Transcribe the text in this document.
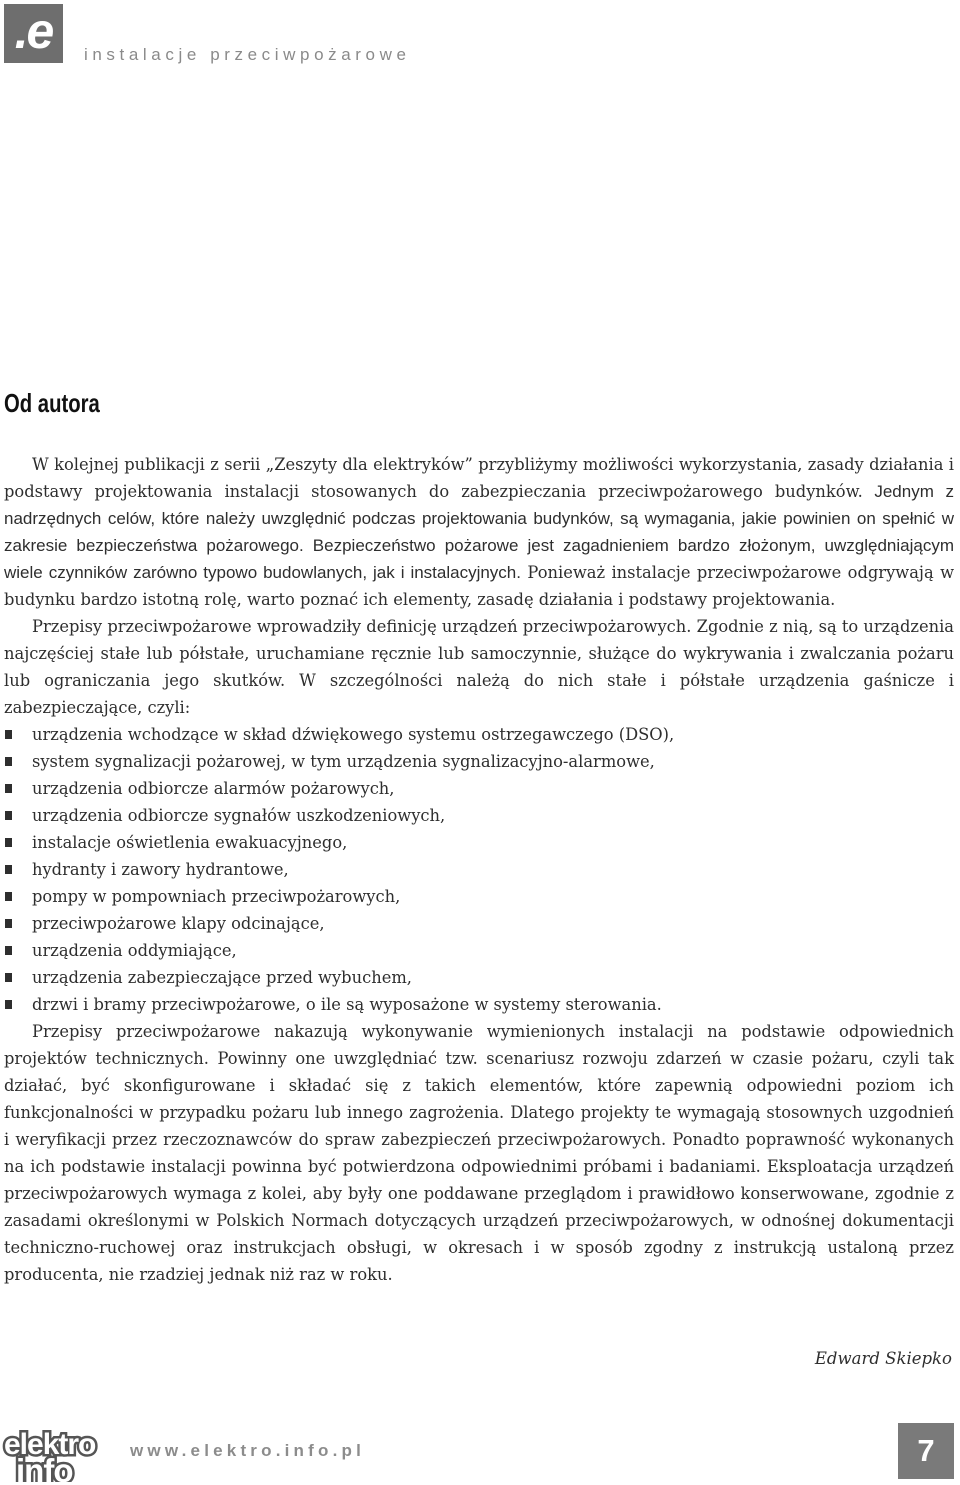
.e	instalacje przeciwpożarowe
Od autora

W kolejnej publikacji z serii „Zeszyty dla elektryków” przybliżymy możliwości wykorzystania, zasady działania i podstawy projektowania instalacji stosowanych do zabezpieczania przeciwpożarowego budynków. Jednym z nadrzędnych celów, które należy uwzględnić podczas projektowania budynków, są wymagania, jakie powinien on spełnić w zakresie bezpieczeństwa pożarowego. Bezpieczeństwo pożarowe jest zagadnieniem bardzo złożonym, uwzględniającym wiele czynników zarówno typowo budowlanych, jak i instalacyjnych. Ponieważ instalacje przeciwpożarowe odgrywają w budynku bardzo istotną rolę, warto poznać ich elementy, zasadę działania i podstawy projektowania.

Przepisy przeciwpożarowe wprowadziły definicję urządzeń przeciwpożarowych. Zgodnie z nią, są to urządzenia najczęściej stałe lub półstałe, uruchamiane ręcznie lub samoczynnie, służące do wykrywania i zwalczania pożaru lub ograniczania jego skutków. W szczególności należą do nich stałe i półstałe urządzenia gaśnicze i zabezpieczające, czyli:

urządzenia wchodzące w skład dźwiękowego systemu ostrzegawczego (DSO),
system sygnalizacji pożarowej, w tym urządzenia sygnalizacyjno-alarmowe,
urządzenia odbiorcze alarmów pożarowych,
urządzenia odbiorcze sygnałów uszkodzeniowych,
instalacje oświetlenia ewakuacyjnego,
hydranty i zawory hydrantowe,
pompy w pompowniach przeciwpożarowych,
przeciwpożarowe klapy odcinające,
urządzenia oddymiające,
urządzenia zabezpieczające przed wybuchem,
drzwi i bramy przeciwpożarowe, o ile są wyposażone w systemy sterowania.

Przepisy przeciwpożarowe nakazują wykonywanie wymienionych instalacji na podstawie odpowiednich projektów technicznych. Powinny one uwzględniać tzw. scenariusz rozwoju zdarzeń w czasie pożaru, czyli tak działać, być skonfigurowane i składać się z takich elementów, które zapewnią odpowiedni poziom ich funkcjonalności w przypadku pożaru lub innego zagrożenia. Dlatego projekty te wymagają stosownych uzgodnień i weryfikacji przez rzeczoznawców do spraw zabezpieczeń przeciwpożarowych. Ponadto poprawność wykonanych na ich podstawie instalacji powinna być potwierdzona odpowiednimi próbami i badaniami. Eksploatacja urządzeń przeciwpożarowych wymaga z kolei, aby były one poddawane przeglądom i prawidłowo konserwowane, zgodnie z zasadami określonymi w Polskich Normach dotyczących urządzeń przeciwpożarowych, w odnośnej dokumentacji techniczno-ruchowej oraz instrukcjach obsługi, w okresach i w sposób zgodny z instrukcją ustaloną przez producenta, nie rzadziej jednak niż raz w roku.

Edward Skiepko
elektro
info
www.elektro.info.pl	7
